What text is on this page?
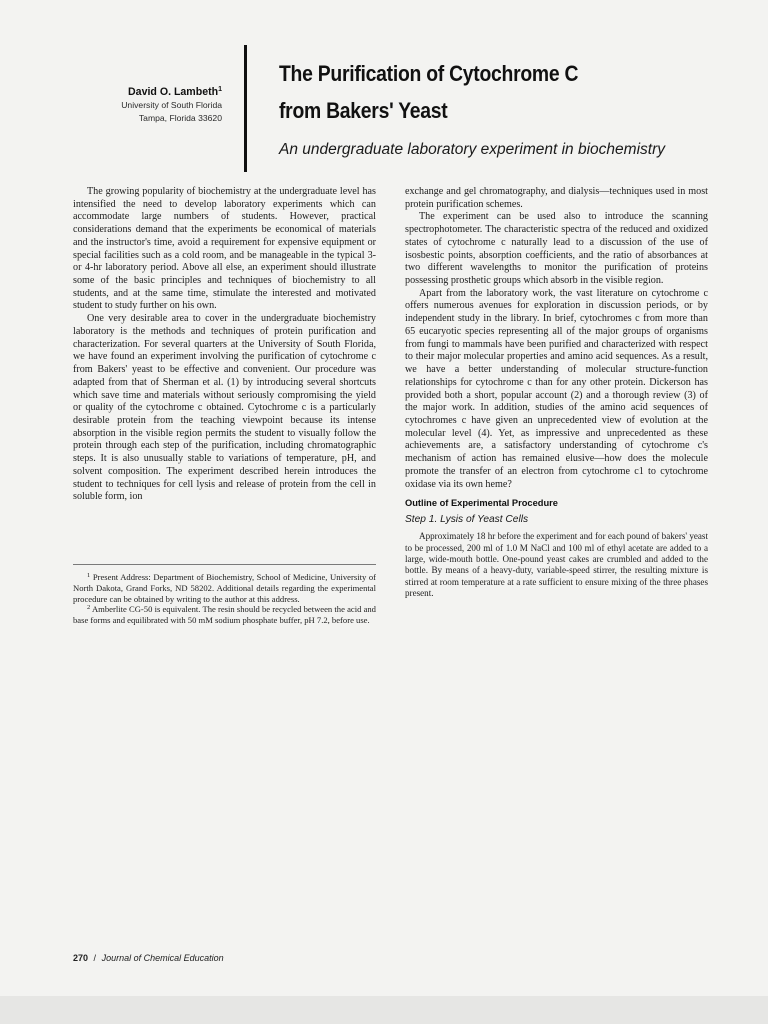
David O. Lambeth$^1$
University of South Florida
Tampa, Florida 33620
The Purification of Cytochrome C
from Bakers' Yeast
An undergraduate laboratory experiment in biochemistry

The growing popularity of biochemistry at the undergraduate level has intensified the need to develop laboratory experiments which can accommodate large numbers of students. However, practical considerations demand that the experiments be economical of materials and the instructor's time, avoid a requirement for expensive equipment or special facilities such as a cold room, and be manageable in the typical 3- or 4-hr laboratory period. Above all else, an experiment should illustrate some of the basic principles and techniques of biochemistry to all students, and at the same time, stimulate the interested and motivated student to study further on his own.

One very desirable area to cover in the undergraduate biochemistry laboratory is the methods and techniques of protein purification and characterization. For several quarters at the University of South Florida, we have found an experiment involving the purification of cytochrome c from Bakers' yeast to be effective and convenient. Our procedure was adapted from that of Sherman et al. (1) by introducing several shortcuts which save time and materials without seriously compromising the yield or quality of the cytochrome c obtained. Cytochrome c is a particularly desirable protein from the teaching viewpoint because its intense absorption in the visible region permits the student to visually follow the protein through each step of the purification, including chromatographic steps. It is also unusually stable to variations of temperature, pH, and solvent composition. The experiment described herein introduces the student to techniques for cell lysis and release of protein from the cell in soluble form, ion

$^1$ Present Address: Department of Biochemistry, School of Medicine, University of North Dakota, Grand Forks, ND 58202. Additional details regarding the experimental procedure can be obtained by writing to the author at this address.

$^2$ Amberlite CG-50 is equivalent. The resin should be recycled between the acid and base forms and equilibrated with 50 mM sodium phosphate buffer, pH 7.2, before use.

exchange and gel chromatography, and dialysis—techniques used in most protein purification schemes.

The experiment can be used also to introduce the scanning spectrophotometer. The characteristic spectra of the reduced and oxidized states of cytochrome c naturally lead to a discussion of the use of isosbestic points, absorption coefficients, and the ratio of absorbances at two different wavelengths to monitor the purification of proteins possessing prosthetic groups which absorb in the visible region.

Apart from the laboratory work, the vast literature on cytochrome c offers numerous avenues for exploration in discussion periods, or by independent study in the library. In brief, cytochromes c from more than 65 eucaryotic species representing all of the major groups of organisms from fungi to mammals have been purified and characterized with respect to their major molecular properties and amino acid sequences. As a result, we have a better understanding of molecular structure-function relationships for cytochrome c than for any other protein. Dickerson has provided both a short, popular account (2) and a thorough review (3) of the major work. In addition, studies of the amino acid sequences of cytochromes c have given an unprecedented view of evolution at the molecular level (4). Yet, as impressive and unprecedented as these achievements are, a satisfactory understanding of cytochrome c's mechanism of action has remained elusive—how does the molecule promote the transfer of an electron from cytochrome c1 to cytochrome oxidase via its own heme?

Outline of Experimental Procedure
Step 1. Lysis of Yeast Cells

Approximately 18 hr before the experiment and for each pound of bakers' yeast to be processed, 200 ml of 1.0 M NaCl and 100 ml of ethyl acetate are added to a large, wide-mouth bottle. One-pound yeast cakes are crumbled and added to the bottle. By means of a heavy-duty, variable-speed stirrer, the resulting mixture is stirred at room temperature at a rate sufficient to ensure mixing of the three phases present.

270 / Journal of Chemical Education
